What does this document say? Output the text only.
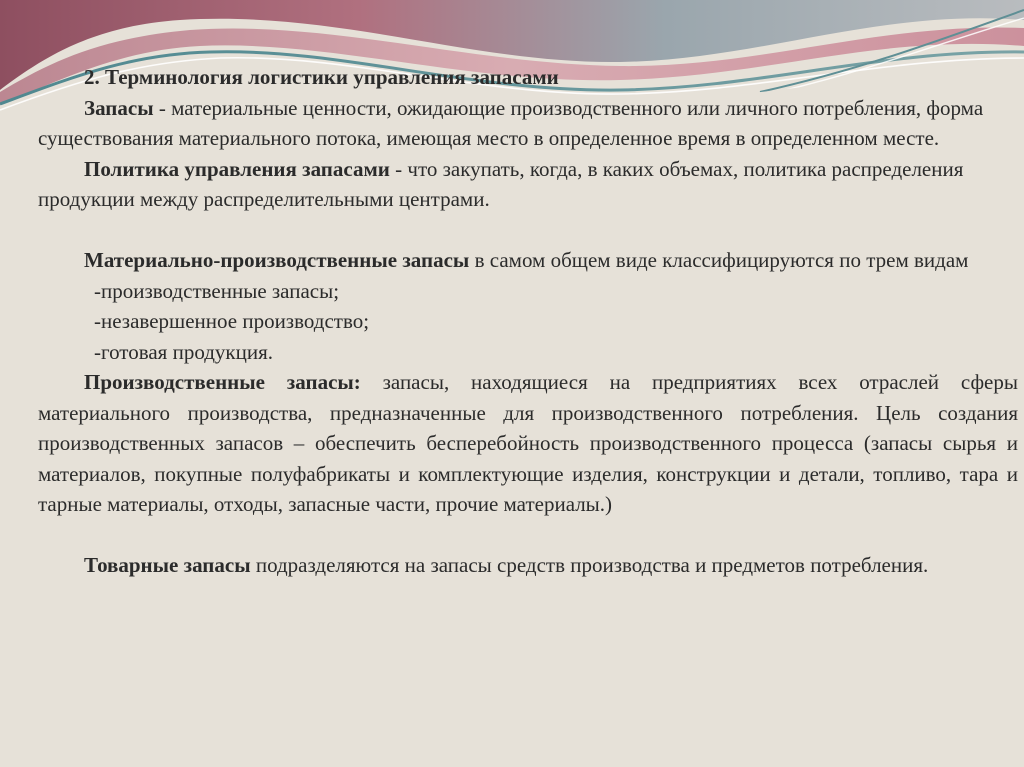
2. Терминология логистики управления запасами

Запасы - материальные ценности, ожидающие производственного или личного потребления, форма существования материального потока, имеющая место в определенное время в определенном месте.

Политика управления запасами - что закупать, когда, в каких объемах, политика распределения продукции между распределительными центрами.

Материально-производственные запасы в самом общем виде классифицируются по трем видам

-производственные запасы;

-незавершенное производство;

-готовая продукция.

Производственные запасы: запасы, находящиеся на предприятиях всех отраслей сферы материального производства, предназначенные для производственного потребления. Цель создания производственных запасов – обеспечить бесперебойность производственного процесса (запасы сырья и материалов, покупные полуфабрикаты и комплектующие изделия, конструкции и детали, топливо, тара и тарные материалы, отходы, запасные части, прочие материалы.)

Товарные запасы подразделяются на запасы средств производства и предметов потребления.
